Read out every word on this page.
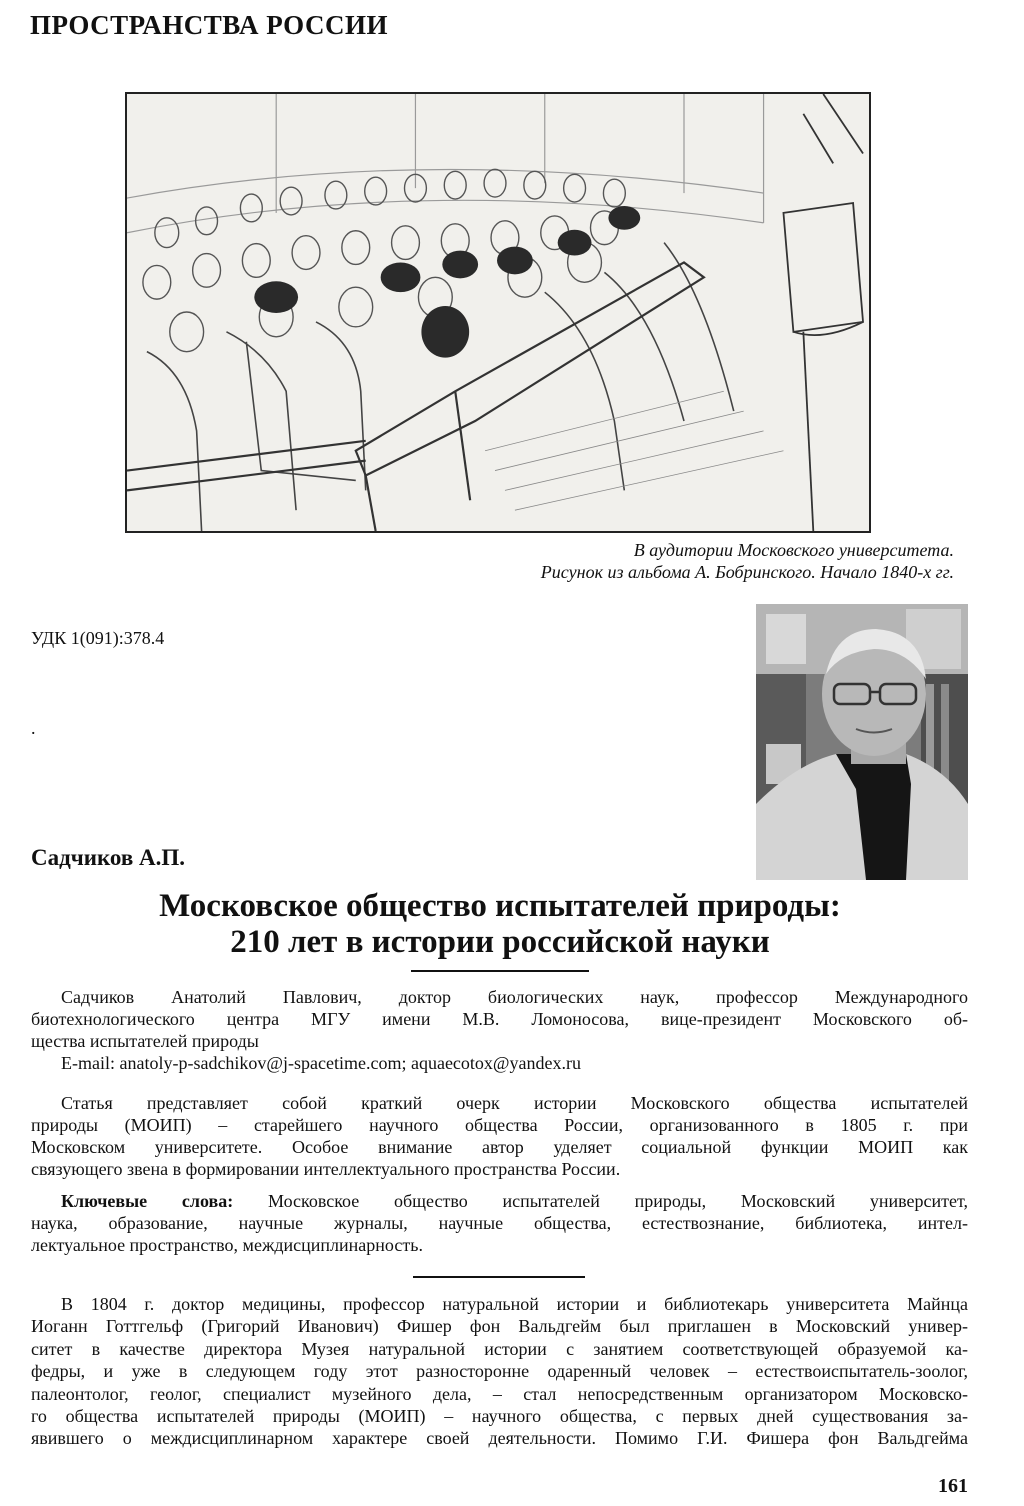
ПРОСТРАНСТВА РОССИИ
В аудитории Московского университета.
Рисунок из альбома А. Бобринского. Начало 1840-х гг.
УДК 1(091):378.4
.
Садчиков А.П.
Московское общество испытателей природы:
210 лет в истории российской науки
Садчиков Анатолий Павлович, доктор биологических наук, профессор Международного
биотехнологического центра МГУ имени М.В. Ломоносова, вице-президент Московского об-
щества испытателей природы
E-mail: anatoly-p-sadchikov@j-spacetime.com; aquaecotox@yandex.ru
Статья представляет собой краткий очерк истории Московского общества испытателей
природы (МОИП) – старейшего научного общества России, организованного в 1805 г. при
Московском университете. Особое внимание автор уделяет социальной функции МОИП как
связующего звена в формировании интеллектуального пространства России.
Ключевые слова: Московское общество испытателей природы, Московский университет,
наука, образование, научные журналы, научные общества, естествознание, библиотека, интел-
лектуальное пространство, междисциплинарность.
В 1804 г. доктор медицины, профессор натуральной истории и библиотекарь университета Майнца
Иоганн Готтгельф (Григорий Иванович) Фишер фон Вальдгейм был приглашен в Московский универ-
ситет в качестве директора Музея натуральной истории с занятием соответствующей образуемой ка-
федры, и уже в следующем году этот разносторонне одаренный человек – естествоиспытатель-зоолог,
палеонтолог, геолог, специалист музейного дела, – стал непосредственным организатором Московско-
го общества испытателей природы (МОИП) – научного общества, с первых дней существования за-
явившего о междисциплинарном характере своей деятельности. Помимо Г.И. Фишера фон Вальдгейма
161
